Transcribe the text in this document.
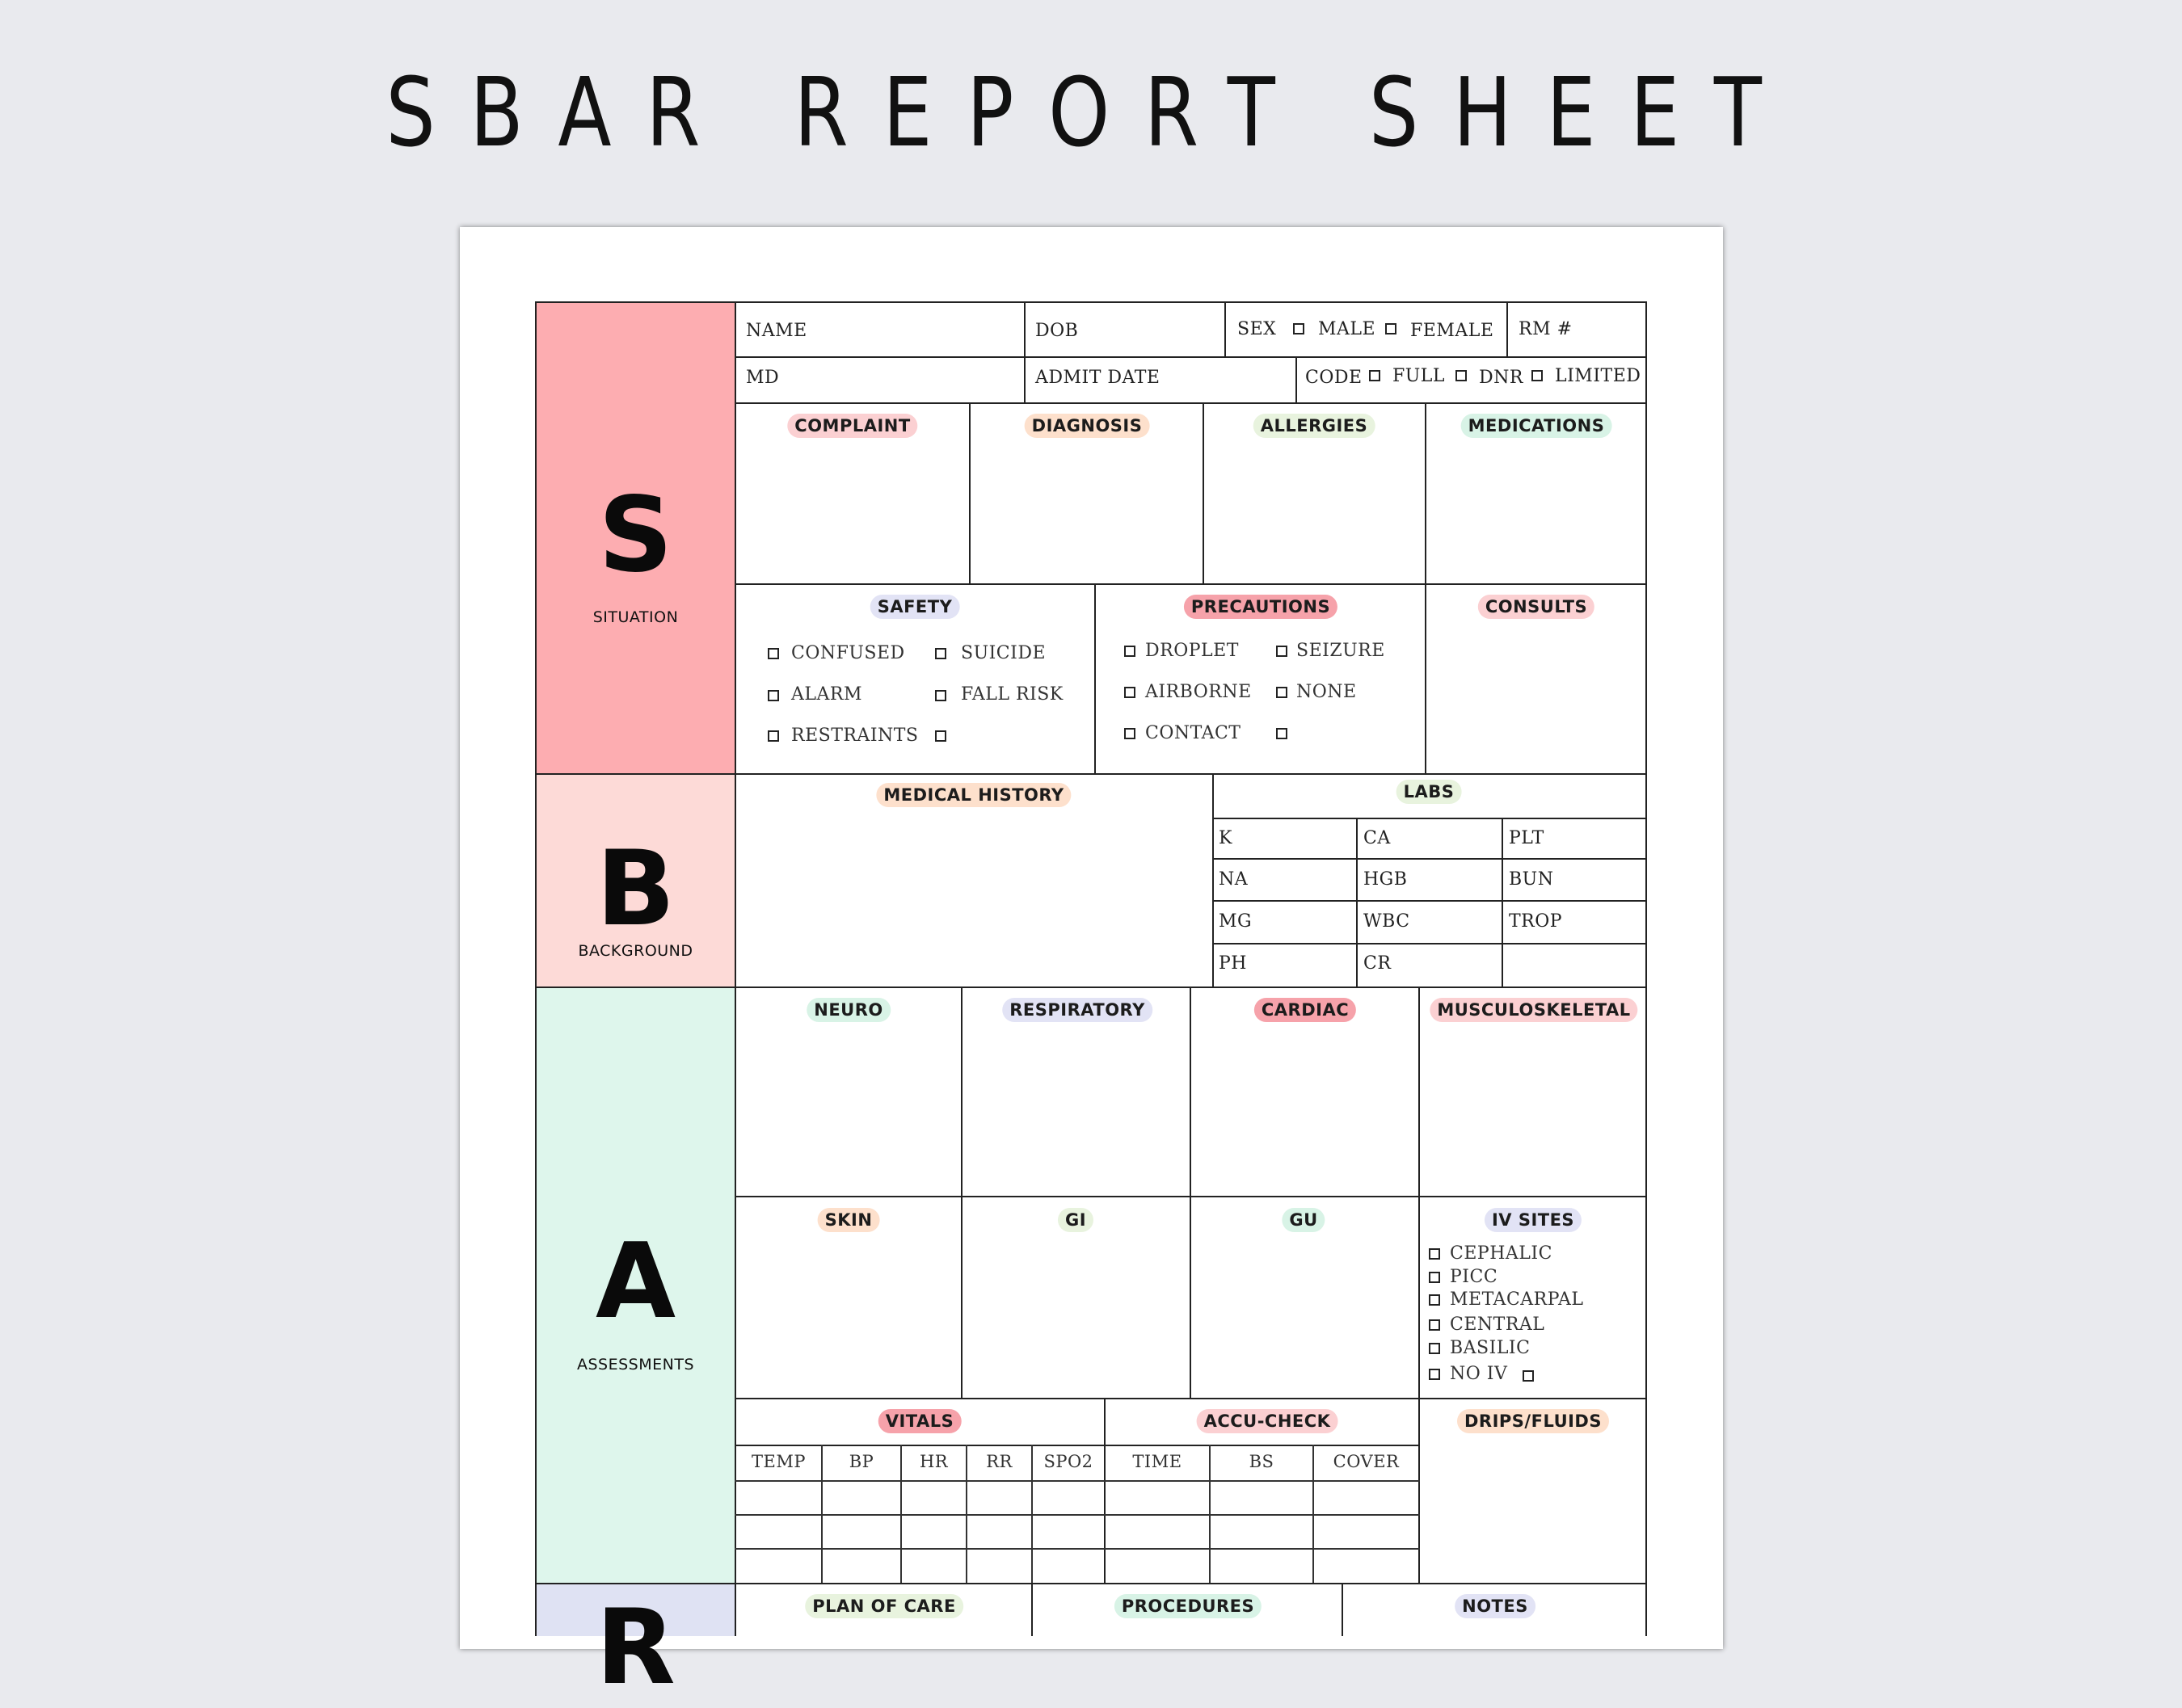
SBAR REPORT SHEET
S
SITUATION
B
BACKGROUND
A
ASSESSMENTS
R
NAME	DOB	SEX MALE FEMALE RM #
MD	ADMIT DATE	CODE FULL DNR LIMITED
COMPLAINT	DIAGNOSIS	ALLERGIES	MEDICATIONS
SAFETY	PRECAUTIONS	CONSULTS
CONFUSED	SUICIDE
ALARM	FALL RISK
RESTRAINTS
DROPLET	SEIZURE
AIRBORNE	NONE
CONTACT
MEDICAL HISTORY	LABS
K	CA	PLT
NA	HGB	BUN
MG	WBC	TROP
PH	CR
NEURO	RESPIRATORY	CARDIAC	MUSCULOSKELETAL
SKIN	GI	GU	IV SITES
CEPHALIC
PICC
METACARPAL
CENTRAL
BASILIC
NO IV
VITALS	ACCU-CHECK	DRIPS/FLUIDS
TEMP	BP	HR	RR	SPO2	TIME	BS	COVER
PLAN OF CARE	PROCEDURES	NOTES
